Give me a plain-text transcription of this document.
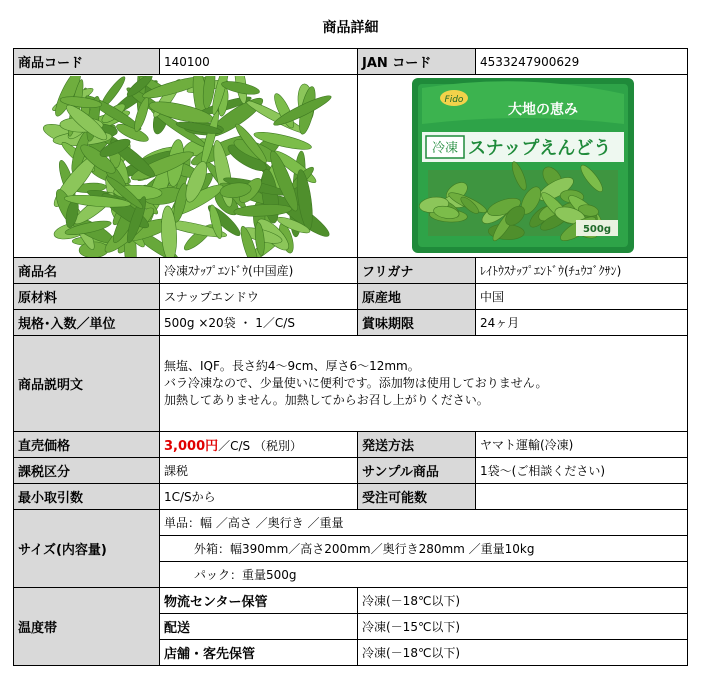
商品詳細
商品コード	140100	JAN コード	4533247900629

Fido
大地の恵み
冷凍 スナップえんどう
500g	

商品名	冷凍ｽﾅｯﾌﾟｴﾝﾄﾞｳ(中国産)	フリガナ	ﾚｲﾄｳｽﾅｯﾌﾟｴﾝﾄﾞｳ(ﾁｭｳｺﾞｸｻﾝ)
原材料	スナップエンドウ	原産地	中国
規格･入数／単位	500g ×20袋 ・ 1／C/S	賞味期限	24ヶ月
商品説明文	無塩、IQF。長さ約4～9cm、厚さ6～12mm。
バラ冷凍なので、少量使いに便利です。添加物は使用しておりません。
加熱してありません。加熱してからお召し上がりください。		

直売価格	3,000円／C/S （税別）	発送方法	ヤマト運輸(冷凍)
課税区分	課税	サンプル商品	1袋～(ご相談ください)
最小取引数	1C/Sから	受注可能数	
サイズ(内容量)	単品：幅 ／高さ ／奥行き ／重量		
	外箱：幅390mm／高さ200mm／奥行き280mm ／重量10kg		
	パック：重量500g		
温度帯	物流センター保管	冷凍(－18℃以下)	
	配送	冷凍(－15℃以下)	
	店舗・客先保管	冷凍(－18℃以下)	
